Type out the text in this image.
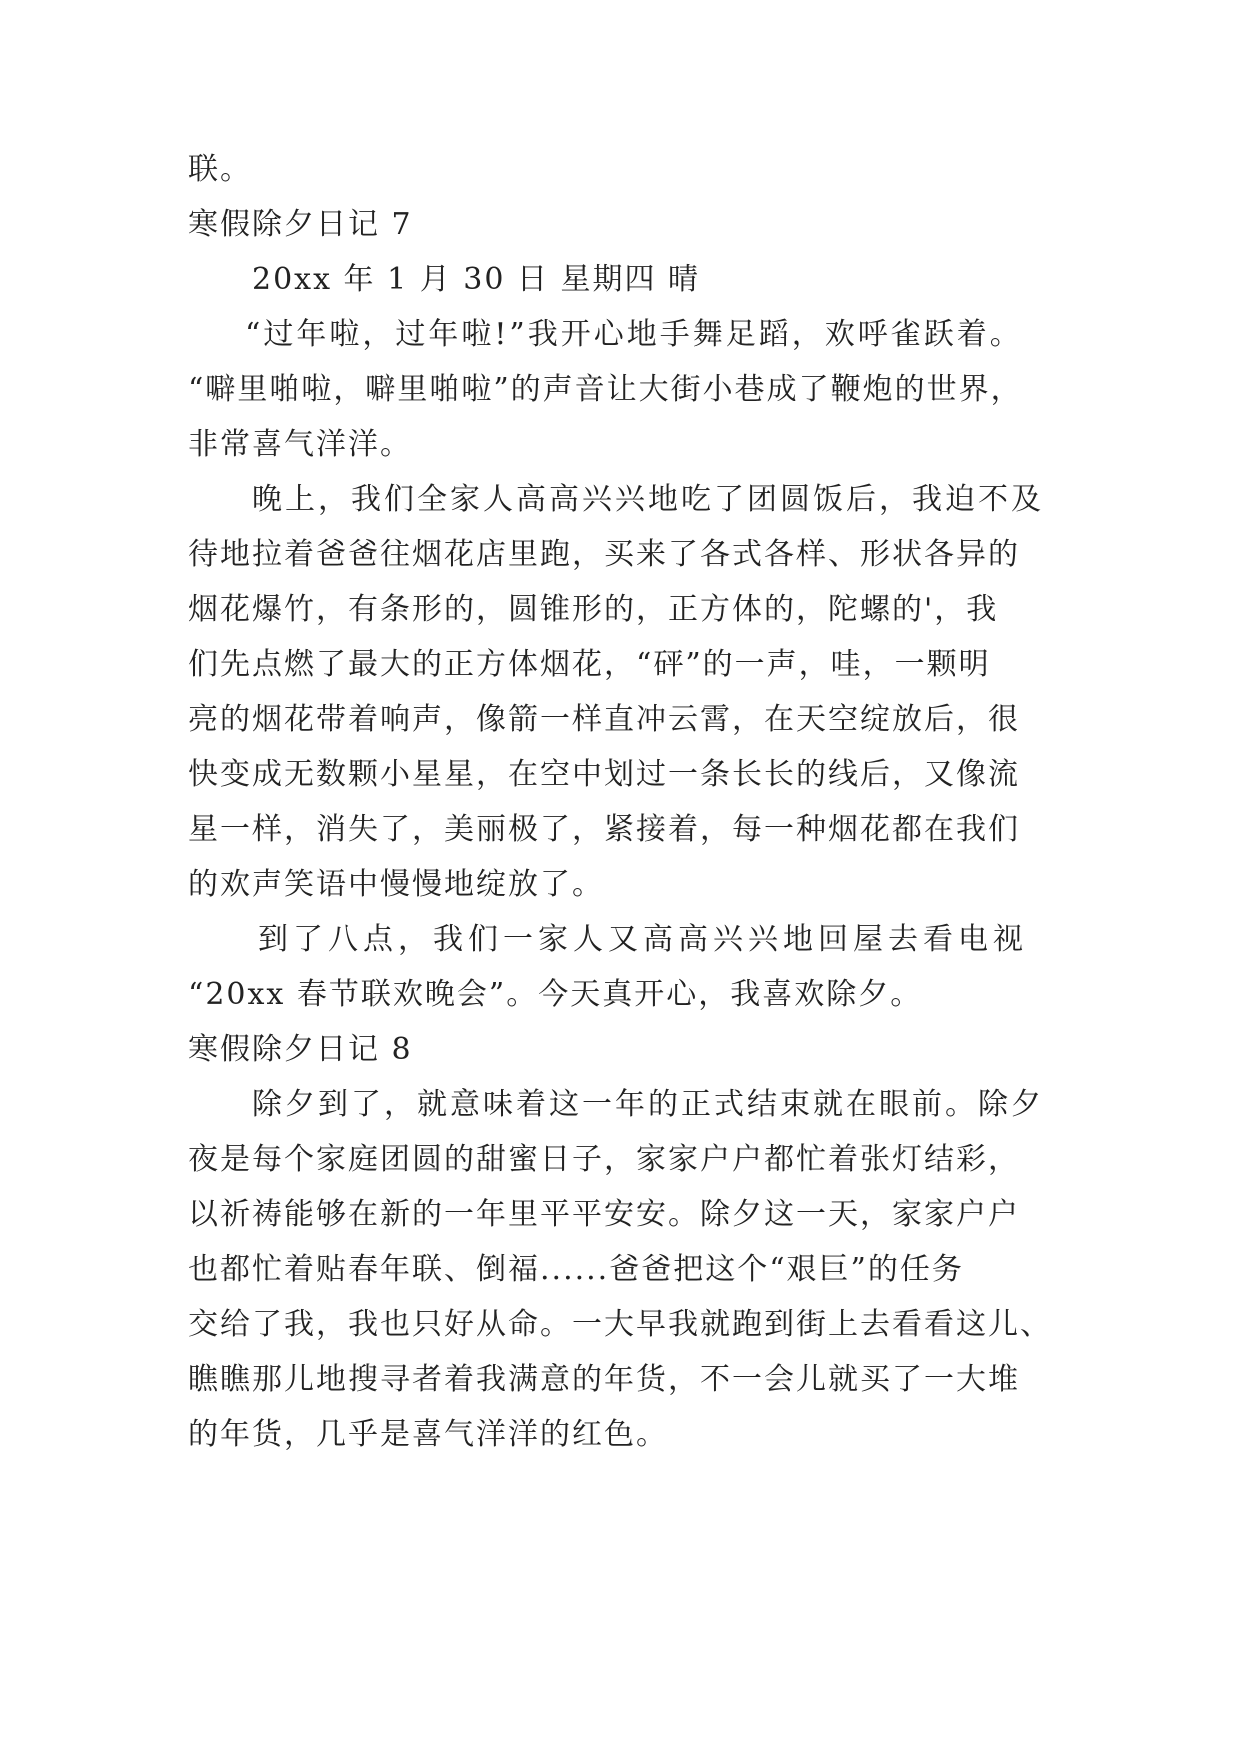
联。
寒假除夕日记 7
20xx 年 1 月 30 日 星期四 晴
“过年啦，过年啦!”我开心地手舞足蹈，欢呼雀跃着。
“噼里啪啦，噼里啪啦”的声音让大街小巷成了鞭炮的世界，
非常喜气洋洋。
晚上，我们全家人高高兴兴地吃了团圆饭后，我迫不及
待地拉着爸爸往烟花店里跑，买来了各式各样、形状各异的
烟花爆竹，有条形的，圆锥形的，正方体的，陀螺的'，我
们先点燃了最大的正方体烟花，“砰”的一声，哇，一颗明
亮的烟花带着响声，像箭一样直冲云霄，在天空绽放后，很
快变成无数颗小星星，在空中划过一条长长的线后，又像流
星一样，消失了，美丽极了，紧接着，每一种烟花都在我们
的欢声笑语中慢慢地绽放了。
到了八点，我们一家人又高高兴兴地回屋去看电视
“20xx 春节联欢晚会”。今天真开心，我喜欢除夕。
寒假除夕日记 8
除夕到了，就意味着这一年的正式结束就在眼前。除夕
夜是每个家庭团圆的甜蜜日子，家家户户都忙着张灯结彩，
以祈祷能够在新的一年里平平安安。除夕这一天，家家户户
也都忙着贴春年联、倒福......爸爸把这个“艰巨”的任务
交给了我，我也只好从命。一大早我就跑到街上去看看这儿、
瞧瞧那儿地搜寻者着我满意的年货，不一会儿就买了一大堆
的年货，几乎是喜气洋洋的红色。
